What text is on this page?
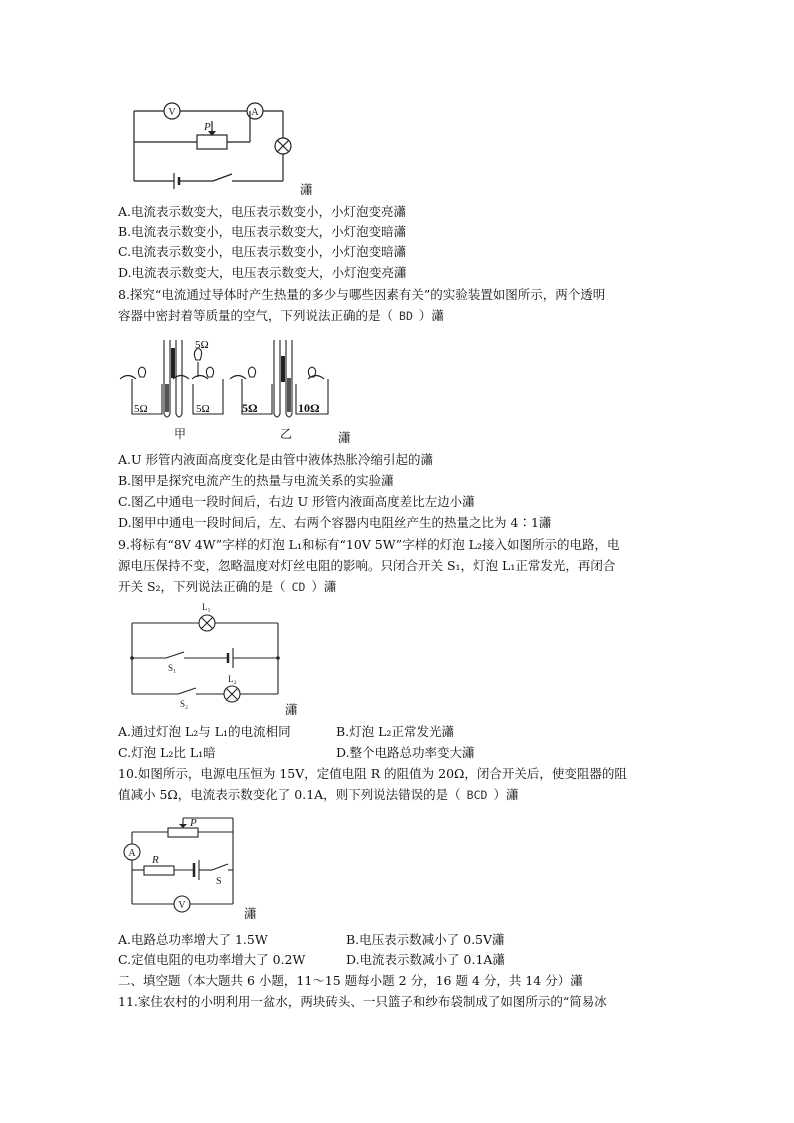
V	A
P
瀟
A.电流表示数变大，电压表示数变小，小灯泡变亮瀟
B.电流表示数变小，电压表示数变大，小灯泡变暗瀟
C.电流表示数变小，电压表示数变小，小灯泡变暗瀟
D.电流表示数变大，电压表示数变大，小灯泡变亮瀟
8.探究“电流通过导体时产生热量的多少与哪些因素有关”的实验装置如图所示，两个透明
容器中密封着等质量的空气，下列说法正确的是（ BD ）瀟
5Ω
5Ω	5Ω	5Ω	10Ω
甲	乙	瀟
A.U 形管内液面高度变化是由管中液体热胀冷缩引起的瀟
B.图甲是探究电流产生的热量与电流关系的实验瀟
C.图乙中通电一段时间后，右边 U 形管内液面高度差比左边小瀟
D.图甲中通电一段时间后，左、右两个容器内电阻丝产生的热量之比为 4∶1瀟
9.将标有“8V 4W”字样的灯泡 L₁和标有“10V 5W”字样的灯泡 L₂接入如图所示的电路，电
源电压保持不变，忽略温度对灯丝电阻的影响。只闭合开关 S₁，灯泡 L₁正常发光，再闭合
开关 S₂，下列说法正确的是（ CD ）瀟
L₁
S₁
L₂
S₂	瀟
A.通过灯泡 L₂与 L₁的电流相同	B.灯泡 L₂正常发光瀟
C.灯泡 L₂比 L₁暗	D.整个电路总功率变大瀟
10.如图所示，电源电压恒为 15V，定值电阻 R 的阻值为 20Ω，闭合开关后，使变阻器的阻
值减小 5Ω，电流表示数变化了 0.1A，则下列说法错误的是（ BCD ）瀟
P
A
R
S
V
瀟
A.电路总功率增大了 1.5W	B.电压表示数减小了 0.5V瀟
C.定值电阻的电功率增大了 0.2W	D.电流表示数减小了 0.1A瀟
二、填空题（本大题共 6 小题，11～15 题每小题 2 分，16 题 4 分，共 14 分）瀟
11.家住农村的小明利用一盆水，两块砖头、一只篮子和纱布袋制成了如图所示的“简易冰
